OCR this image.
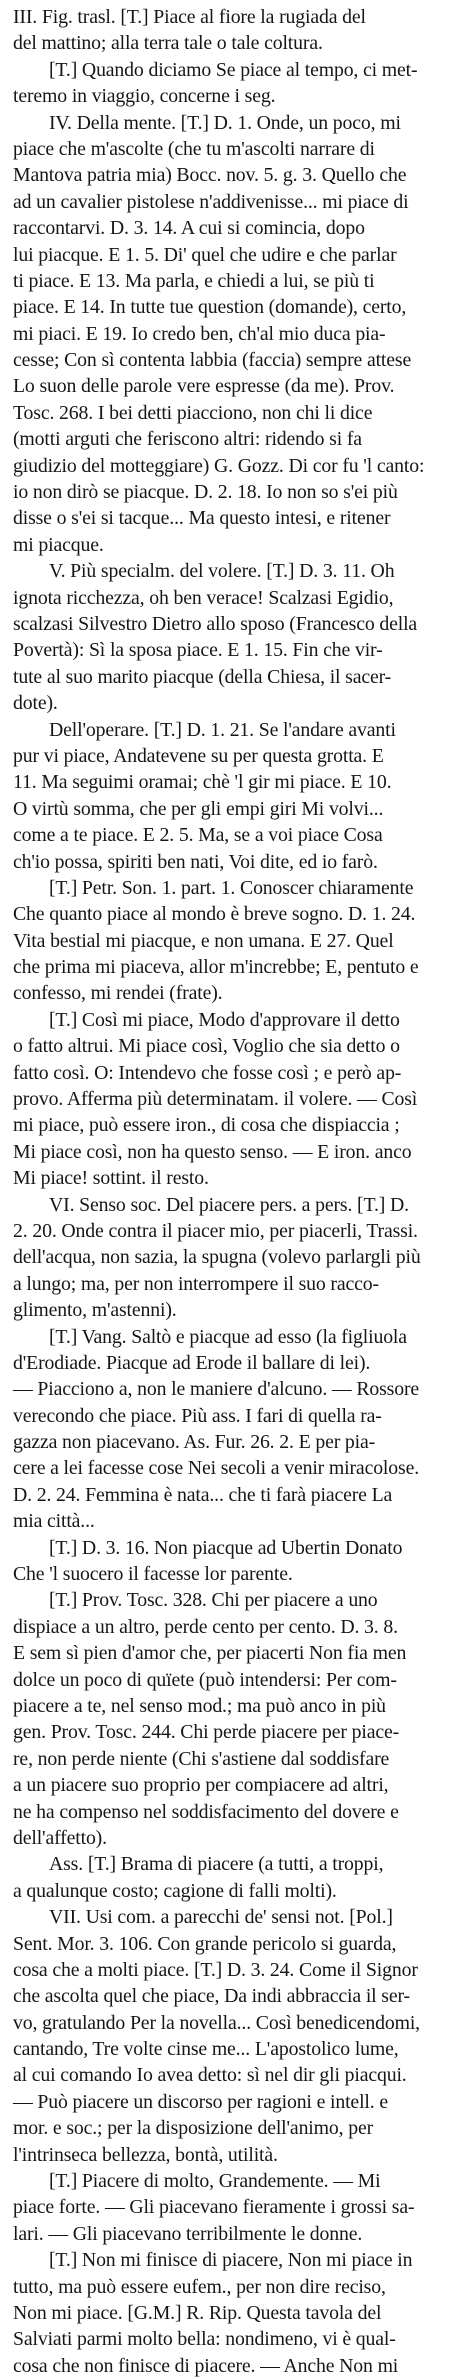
III. Fig. trasl. [T.] Piace al fiore la rugiada del
del mattino; alla terra tale o tale coltura.
[T.] Quando diciamo Se piace al tempo, ci met-
teremo in viaggio, concerne i seg.
IV. Della mente. [T.] D. 1. Onde, un poco, mi
piace che m'ascolte (che tu m'ascolti narrare di
Mantova patria mia) Bocc. nov. 5. g. 3. Quello che
ad un cavalier pistolese n'addivenisse... mi piace di
raccontarvi. D. 3. 14. A cui si comincia, dopo
lui piacque. E 1. 5. Di' quel che udire e che parlar
ti piace. E 13. Ma parla, e chiedi a lui, se più ti
piace. E 14. In tutte tue question (domande), certo,
mi piaci. E 19. Io credo ben, ch'al mio duca pia-
cesse; Con sì contenta labbia (faccia) sempre attese
Lo suon delle parole vere espresse (da me). Prov.
Tosc. 268. I bei detti piacciono, non chi li dice
(motti arguti che feriscono altri: ridendo si fa
giudizio del motteggiare) G. Gozz. Di cor fu 'l canto:
io non dirò se piacque. D. 2. 18. Io non so s'ei più
disse o s'ei si tacque... Ma questo intesi, e ritener
mi piacque.
V. Più specialm. del volere. [T.] D. 3. 11. Oh
ignota ricchezza, oh ben verace! Scalzasi Egidio,
scalzasi Silvestro Dietro allo sposo (Francesco della
Povertà): Sì la sposa piace. E 1. 15. Fin che vir-
tute al suo marito piacque (della Chiesa, il sacer-
dote).
Dell'operare. [T.] D. 1. 21. Se l'andare avanti
pur vi piace, Andatevene su per questa grotta. E
11. Ma seguimi oramai; chè 'l gir mi piace. E 10.
O virtù somma, che per gli empi giri Mi volvi...
come a te piace. E 2. 5. Ma, se a voi piace Cosa
ch'io possa, spiriti ben nati, Voi dite, ed io farò.
[T.] Petr. Son. 1. part. 1. Conoscer chiaramente
Che quanto piace al mondo è breve sogno. D. 1. 24.
Vita bestial mi piacque, e non umana. E 27. Quel
che prima mi piaceva, allor m'increbbe; E, pentuto e
confesso, mi rendei (frate).
[T.] Così mi piace, Modo d'approvare il detto
o fatto altrui. Mi piace così, Voglio che sia detto o
fatto così. O: Intendevo che fosse così ; e però ap-
provo. Afferma più determinatam. il volere. — Così
mi piace, può essere iron., di cosa che dispiaccia ;
Mi piace così, non ha questo senso. — E iron. anco
Mi piace! sottint. il resto.
VI. Senso soc. Del piacere pers. a pers. [T.] D.
2. 20. Onde contra il piacer mio, per piacerli, Trassi.
dell'acqua, non sazia, la spugna (volevo parlargli più
a lungo; ma, per non interrompere il suo racco-
glimento, m'astenni).
[T.] Vang. Saltò e piacque ad esso (la figliuola
d'Erodiade. Piacque ad Erode il ballare di lei).
— Piacciono a, non le maniere d'alcuno. — Rossore
verecondo che piace. Più ass. I fari di quella ra-
gazza non piacevano. As. Fur. 26. 2. E per pia-
cere a lei facesse cose Nei secoli a venir miracolose.
D. 2. 24. Femmina è nata... che ti farà piacere La
mia città...
[T.] D. 3. 16. Non piacque ad Ubertin Donato
Che 'l suocero il facesse lor parente.
[T.] Prov. Tosc. 328. Chi per piacere a uno
dispiace a un altro, perde cento per cento. D. 3. 8.
E sem sì pien d'amor che, per piacerti Non fia men
dolce un poco di quïete (può intendersi: Per com-
piacere a te, nel senso mod.; ma può anco in più
gen. Prov. Tosc. 244. Chi perde piacere per piace-
re, non perde niente (Chi s'astiene dal soddisfare
a un piacere suo proprio per compiacere ad altri,
ne ha compenso nel soddisfacimento del dovere e
dell'affetto).
Ass. [T.] Brama di piacere (a tutti, a troppi,
a qualunque costo; cagione di falli molti).
VII. Usi com. a parecchi de' sensi not. [Pol.]
Sent. Mor. 3. 106. Con grande pericolo si guarda,
cosa che a molti piace. [T.] D. 3. 24. Come il Signor
che ascolta quel che piace, Da indi abbraccia il ser-
vo, gratulando Per la novella... Così benedicendomi,
cantando, Tre volte cinse me... L'apostolico lume,
al cui comando Io avea detto: sì nel dir gli piacqui.
— Può piacere un discorso per ragioni e intell. e
mor. e soc.; per la disposizione dell'animo, per
l'intrinseca bellezza, bontà, utilità.
[T.] Piacere di molto, Grandemente. — Mi
piace forte. — Gli piacevano fieramente i grossi sa-
lari. — Gli piacevano terribilmente le donne.
[T.] Non mi finisce di piacere, Non mi piace in
tutto, ma può essere eufem., per non dire reciso,
Non mi piace. [G.M.] R. Rip. Questa tavola del
Salviati parmi molto bella: nondimeno, vi è qual-
cosa che non finisce di piacere. — Anche Non mi
